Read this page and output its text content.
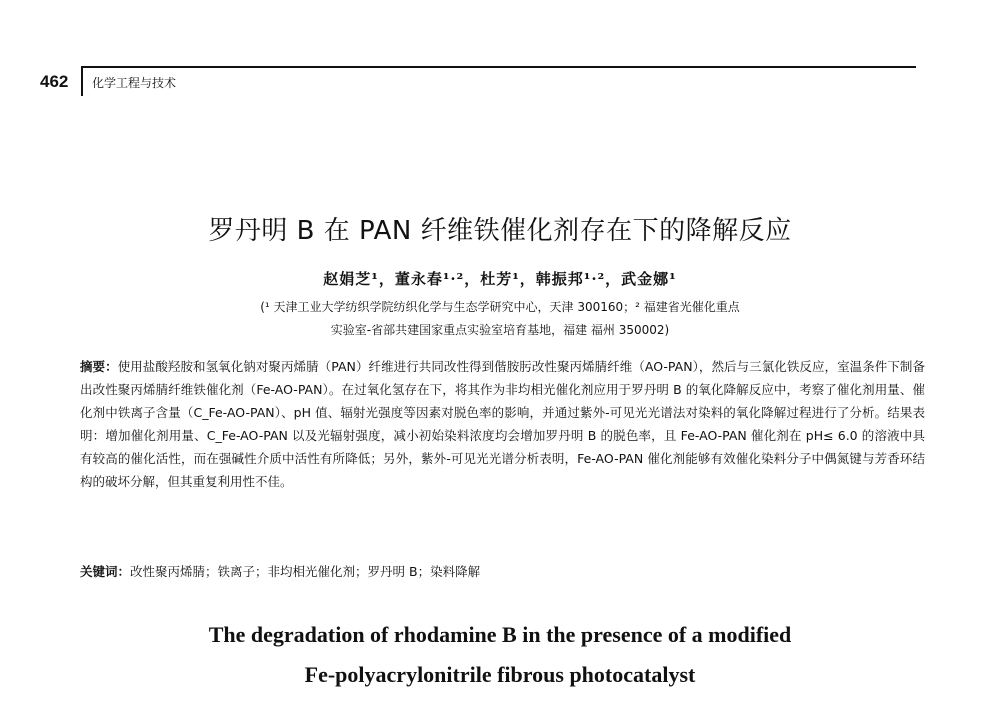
462 化学工程与技术
罗丹明 B 在 PAN 纤维铁催化剂存在下的降解反应
赵娟芝¹，董永春¹·²，杜芳¹，韩振邦¹·²，武金娜¹
(¹ 天津工业大学纺织学院纺织化学与生态学研究中心，天津 300160；² 福建省光催化重点
实验室-省部共建国家重点实验室培育基地，福建 福州 350002)
摘要：使用盐酸羟胺和氢氧化钠对聚丙烯腈（PAN）纤维进行共同改性得到偕胺肟改性聚丙烯腈纤维（AO-PAN），然后与三氯化铁反应，室温条件下制备出改性聚丙烯腈纤维铁催化剂（Fe-AO-PAN）。在过氧化氢存在下，将其作为非均相光催化剂应用于罗丹明 B 的氧化降解反应中，考察了催化剂用量、催化剂中铁离子含量（C_Fe-AO-PAN）、pH 值、辐射光强度等因素对脱色率的影响，并通过紫外-可见光光谱法对染料的氧化降解过程进行了分析。结果表明：增加催化剂用量、C_Fe-AO-PAN 以及光辐射强度，减小初始染料浓度均会增加罗丹明 B 的脱色率，且 Fe-AO-PAN 催化剂在 pH≤ 6.0 的溶液中具有较高的催化活性，而在强碱性介质中活性有所降低；另外，紫外-可见光光谱分析表明，Fe-AO-PAN 催化剂能够有效催化染料分子中偶氮键与芳香环结构的破坏分解，但其重复利用性不佳。
关键词：改性聚丙烯腈；铁离子；非均相光催化剂；罗丹明 B；染料降解
The degradation of rhodamine B in the presence of a modified
Fe-polyacrylonitrile fibrous photocatalyst
